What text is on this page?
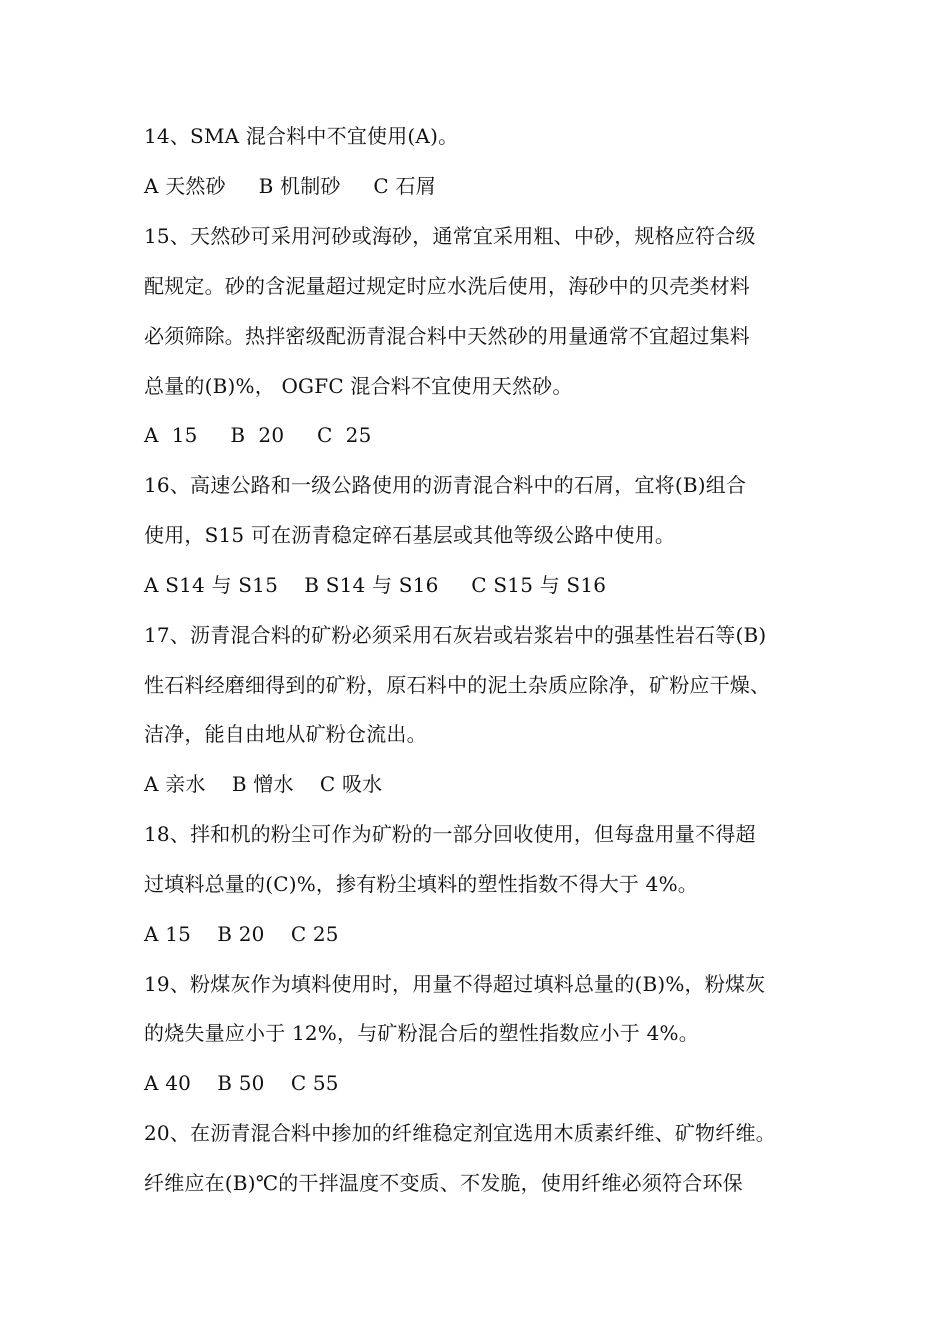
14、SMA 混合料中不宜使用(A)。
A 天然砂     B 机制砂     C 石屑
15、天然砂可采用河砂或海砂，通常宜采用粗、中砂，规格应符合级
配规定。砂的含泥量超过规定时应水洗后使用，海砂中的贝壳类材料
必须筛除。热拌密级配沥青混合料中天然砂的用量通常不宜超过集料
总量的(B)%， OGFC 混合料不宜使用天然砂。
A  15     B  20     C  25
16、高速公路和一级公路使用的沥青混合料中的石屑，宜将(B)组合
使用，S15 可在沥青稳定碎石基层或其他等级公路中使用。
A S14 与 S15    B S14 与 S16     C S15 与 S16
17、沥青混合料的矿粉必须采用石灰岩或岩浆岩中的强基性岩石等(B)
性石料经磨细得到的矿粉，原石料中的泥土杂质应除净，矿粉应干燥、
洁净，能自由地从矿粉仓流出。
A 亲水    B 憎水    C 吸水
18、拌和机的粉尘可作为矿粉的一部分回收使用，但每盘用量不得超
过填料总量的(C)%，掺有粉尘填料的塑性指数不得大于 4%。
A 15    B 20    C 25
19、粉煤灰作为填料使用时，用量不得超过填料总量的(B)%，粉煤灰
的烧失量应小于 12%，与矿粉混合后的塑性指数应小于 4%。
A 40    B 50    C 55
20、在沥青混合料中掺加的纤维稳定剂宜选用木质素纤维、矿物纤维。
纤维应在(B)℃的干拌温度不变质、不发脆，使用纤维必须符合环保
